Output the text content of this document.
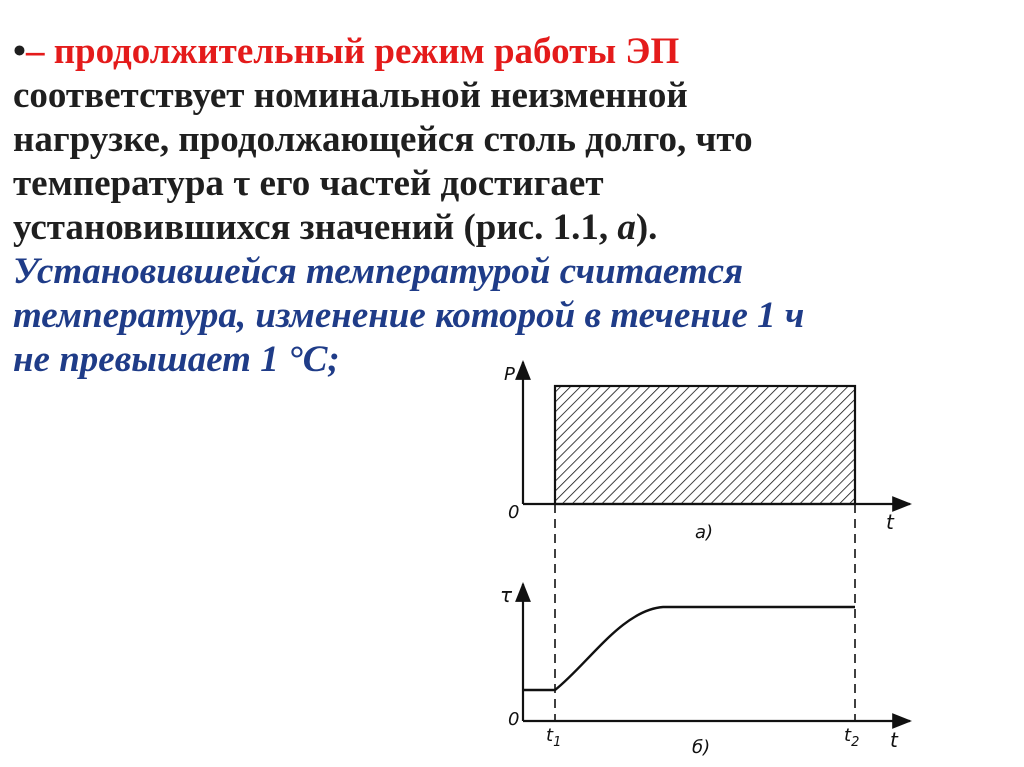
•– продолжительный режим работы ЭП
соответствует номинальной неизменной
нагрузке, продолжающейся столь долго, что
температура τ его частей достигает
установившихся значений (рис. 1.1, а).
Установившейся температурой считается
температура, изменение которой в течение 1 ч
не превышает 1 °С;	P
0	t
а)
τ
0
$t_1$	$t_2$ t
б)
